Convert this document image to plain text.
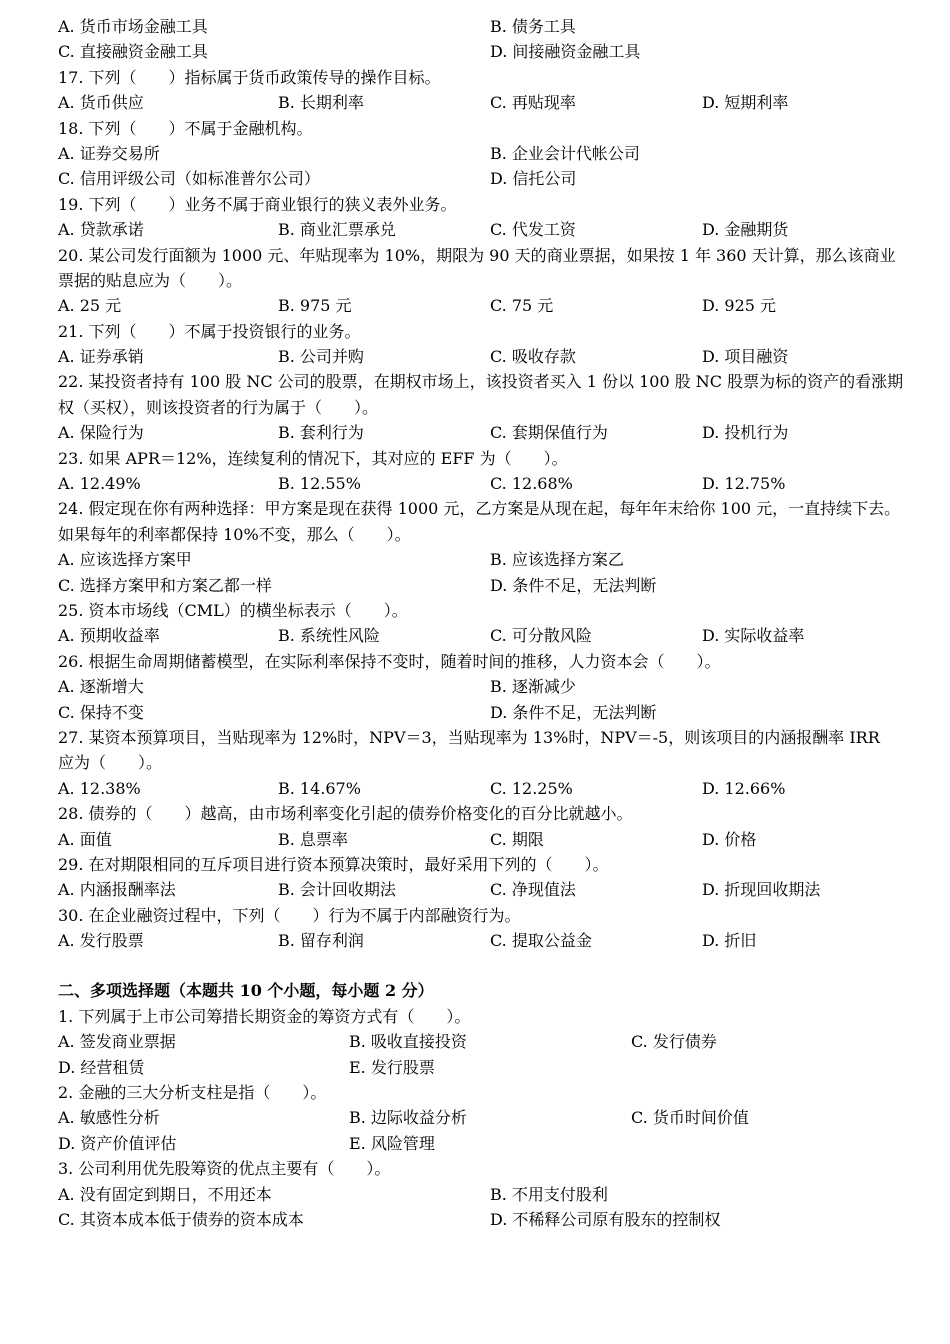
A. 货币市场金融工具	B. 债务工具
C. 直接融资金融工具	D. 间接融资金融工具
17. 下列（　　）指标属于货币政策传导的操作目标。
A. 货币供应	B. 长期利率	C. 再贴现率	D. 短期利率
18. 下列（　　）不属于金融机构。
A. 证券交易所	B. 企业会计代帐公司
C. 信用评级公司（如标准普尔公司）	D. 信托公司
19. 下列（　　）业务不属于商业银行的狭义表外业务。
A. 贷款承诺	B. 商业汇票承兑	C. 代发工资	D. 金融期货
20. 某公司发行面额为 1000 元、年贴现率为 10%，期限为 90 天的商业票据，如果按 1 年 360 天计算，那么该商业
票据的贴息应为（　　）。
A. 25 元	B. 975 元	C. 75 元	D. 925 元
21. 下列（　　）不属于投资银行的业务。
A. 证券承销	B. 公司并购	C. 吸收存款	D. 项目融资
22. 某投资者持有 100 股 NC 公司的股票，在期权市场上，该投资者买入 1 份以 100 股 NC 股票为标的资产的看涨期
权（买权），则该投资者的行为属于（　　）。
A. 保险行为	B. 套利行为	C. 套期保值行为	D. 投机行为
23. 如果 APR＝12%，连续复利的情况下，其对应的 EFF 为（　　）。
A. 12.49%	B. 12.55%	C. 12.68%	D. 12.75%
24. 假定现在你有两种选择：甲方案是现在获得 1000 元，乙方案是从现在起，每年年末给你 100 元，一直持续下去。
如果每年的利率都保持 10%不变，那么（　　）。
A. 应该选择方案甲	B. 应该选择方案乙
C. 选择方案甲和方案乙都一样	D. 条件不足，无法判断
25. 资本市场线（CML）的横坐标表示（　　）。
A. 预期收益率	B. 系统性风险	C. 可分散风险	D. 实际收益率
26. 根据生命周期储蓄模型，在实际利率保持不变时，随着时间的推移，人力资本会（　　）。
A. 逐渐增大	B. 逐渐减少
C. 保持不变	D. 条件不足，无法判断
27. 某资本预算项目，当贴现率为 12%时，NPV＝3，当贴现率为 13%时，NPV＝-5，则该项目的内涵报酬率 IRR
应为（　　）。
A. 12.38%	B. 14.67%	C. 12.25%	D. 12.66%
28. 债券的（　　）越高，由市场利率变化引起的债券价格变化的百分比就越小。
A. 面值	B. 息票率	C. 期限	D. 价格
29. 在对期限相同的互斥项目进行资本预算决策时，最好采用下列的（　　）。
A. 内涵报酬率法	B. 会计回收期法	C. 净现值法	D. 折现回收期法
30. 在企业融资过程中，下列（　　）行为不属于内部融资行为。
A. 发行股票	B. 留存利润	C. 提取公益金	D. 折旧
二、多项选择题（本题共 10 个小题，每小题 2 分）
1. 下列属于上市公司筹措长期资金的筹资方式有（　　）。
A. 签发商业票据	B. 吸收直接投资	C. 发行债券
D. 经营租赁	E. 发行股票
2. 金融的三大分析支柱是指（　　）。
A. 敏感性分析	B. 边际收益分析	C. 货币时间价值
D. 资产价值评估	E. 风险管理
3. 公司利用优先股筹资的优点主要有（　　）。
A. 没有固定到期日，不用还本	B. 不用支付股利
C. 其资本成本低于债券的资本成本	D. 不稀释公司原有股东的控制权
